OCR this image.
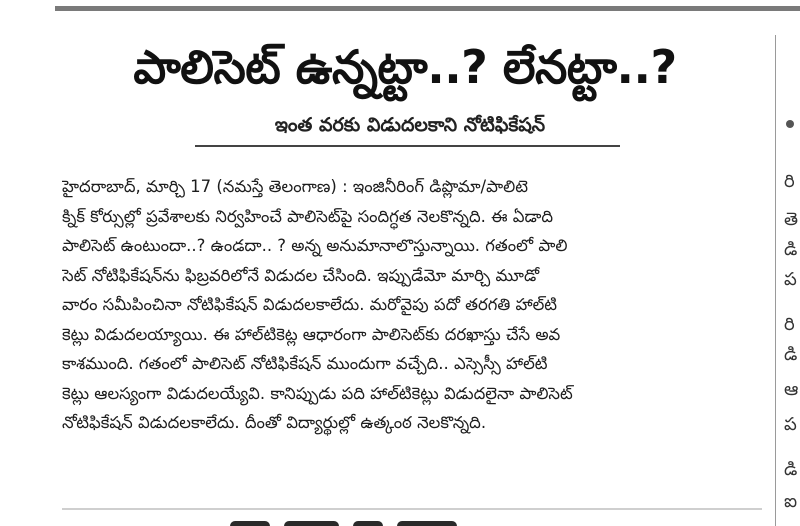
పాలిసెట్ ఉన్నట్టా..? లేనట్టా..?
ఇంత వరకు విడుదలకాని నోటిఫికేషన్
హైదరాబాద్, మార్చి 17 (నమస్తే తెలంగాణ) : ఇంజినీరింగ్ డిప్లొమా/పాలిటె
క్నిక్ కోర్సుల్లో ప్రవేశాలకు నిర్వహించే పాలిసెట్‌పై సందిగ్ధత నెలకొన్నది. ఈ ఏడాది
పాలిసెట్ ఉంటుందా..? ఉండదా.. ? అన్న అనుమానాలొస్తున్నాయి. గతంలో పాలి
సెట్ నోటిఫికేషన్‌ను ఫిబ్రవరిలోనే విడుదల చేసింది. ఇప్పుడేమో మార్చి మూడో
వారం సమీపించినా నోటిఫికేషన్ విడుదలకాలేదు. మరోవైపు పదో తరగతి హాల్‌టి
కెట్లు విడుదలయ్యాయి. ఈ హాల్‌టికెట్ల ఆధారంగా పాలిసెట్‌కు దరఖాస్తు చేసే అవ
కాశముంది. గతంలో పాలిసెట్ నోటిఫికేషన్ ముందుగా వచ్చేది.. ఎస్సెస్సీ హాల్‌టి
కెట్లు ఆలస్యంగా విడుదలయ్యేవి. కానిప్పుడు పది హాల్‌టికెట్లు విడుదలైనా పాలిసెట్
నోటిఫికేషన్ విడుదలకాలేదు. దీంతో విద్యార్థుల్లో ఉత్కంఠ నెలకొన్నది.
రి
తె
డి
ప
రి
డి
ఆ
ప
డి
ఐ
